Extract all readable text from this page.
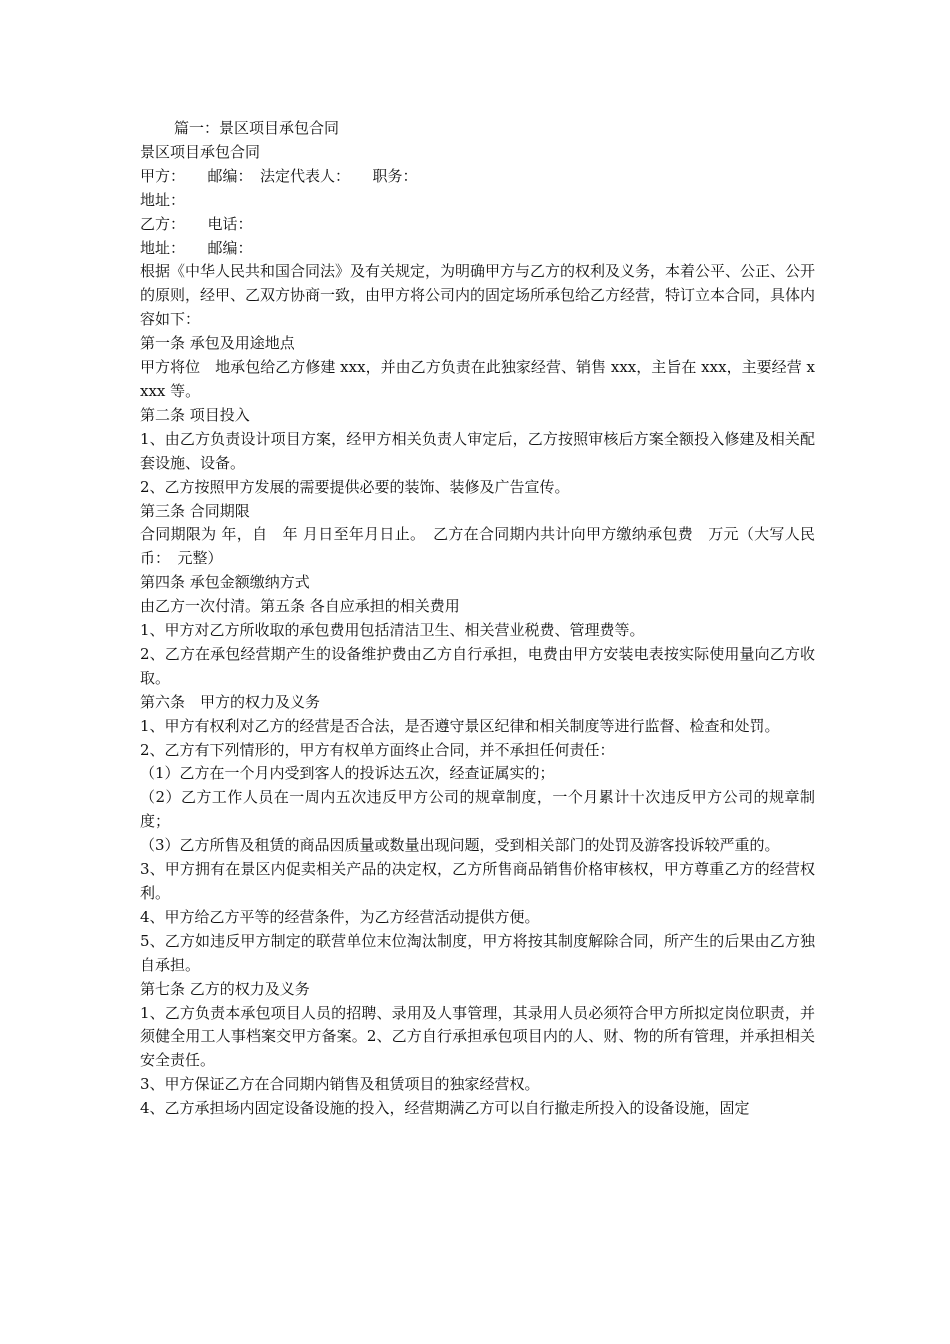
篇一：景区项目承包合同
景区项目承包合同
甲方：　　邮编：　法定代表人：　　职务：
地址：
乙方：　　电话：
地址：　　邮编：
根据《中华人民共和国合同法》及有关规定，为明确甲方与乙方的权利及义务，本着公平、公正、公开的原则，经甲、乙双方协商一致，由甲方将公司内的固定场所承包给乙方经营，特订立本合同，具体内容如下：
第一条 承包及用途地点
甲方将位　地承包给乙方修建 xxx，并由乙方负责在此独家经营、销售 xxx，主旨在 xxx，主要经营 xxxx 等。
第二条 项目投入
1、由乙方负责设计项目方案，经甲方相关负责人审定后，乙方按照审核后方案全额投入修建及相关配套设施、设备。
2、乙方按照甲方发展的需要提供必要的装饰、装修及广告宣传。
第三条 合同期限
合同期限为 年，自　年 月日至年月日止。　乙方在合同期内共计向甲方缴纳承包费　万元（大写人民币：　元整）
第四条 承包金额缴纳方式
由乙方一次付清。第五条 各自应承担的相关费用
1、甲方对乙方所收取的承包费用包括清洁卫生、相关营业税费、管理费等。
2、乙方在承包经营期产生的设备维护费由乙方自行承担，电费由甲方安装电表按实际使用量向乙方收取。
第六条　甲方的权力及义务
1、甲方有权利对乙方的经营是否合法，是否遵守景区纪律和相关制度等进行监督、检查和处罚。
2、乙方有下列情形的，甲方有权单方面终止合同，并不承担任何责任：
（1）乙方在一个月内受到客人的投诉达五次，经查证属实的；
（2）乙方工作人员在一周内五次违反甲方公司的规章制度，一个月累计十次违反甲方公司的规章制度；
（3）乙方所售及租赁的商品因质量或数量出现问题，受到相关部门的处罚及游客投诉较严重的。
3、甲方拥有在景区内促卖相关产品的决定权，乙方所售商品销售价格审核权，甲方尊重乙方的经营权利。
4、甲方给乙方平等的经营条件，为乙方经营活动提供方便。
5、乙方如违反甲方制定的联营单位末位淘汰制度，甲方将按其制度解除合同，所产生的后果由乙方独自承担。
第七条 乙方的权力及义务
1、乙方负责本承包项目人员的招聘、录用及人事管理，其录用人员必须符合甲方所拟定岗位职责，并须健全用工人事档案交甲方备案。2、乙方自行承担承包项目内的人、财、物的所有管理，并承担相关安全责任。
3、甲方保证乙方在合同期内销售及租赁项目的独家经营权。
4、乙方承担场内固定设备设施的投入，经营期满乙方可以自行撤走所投入的设备设施，固定
